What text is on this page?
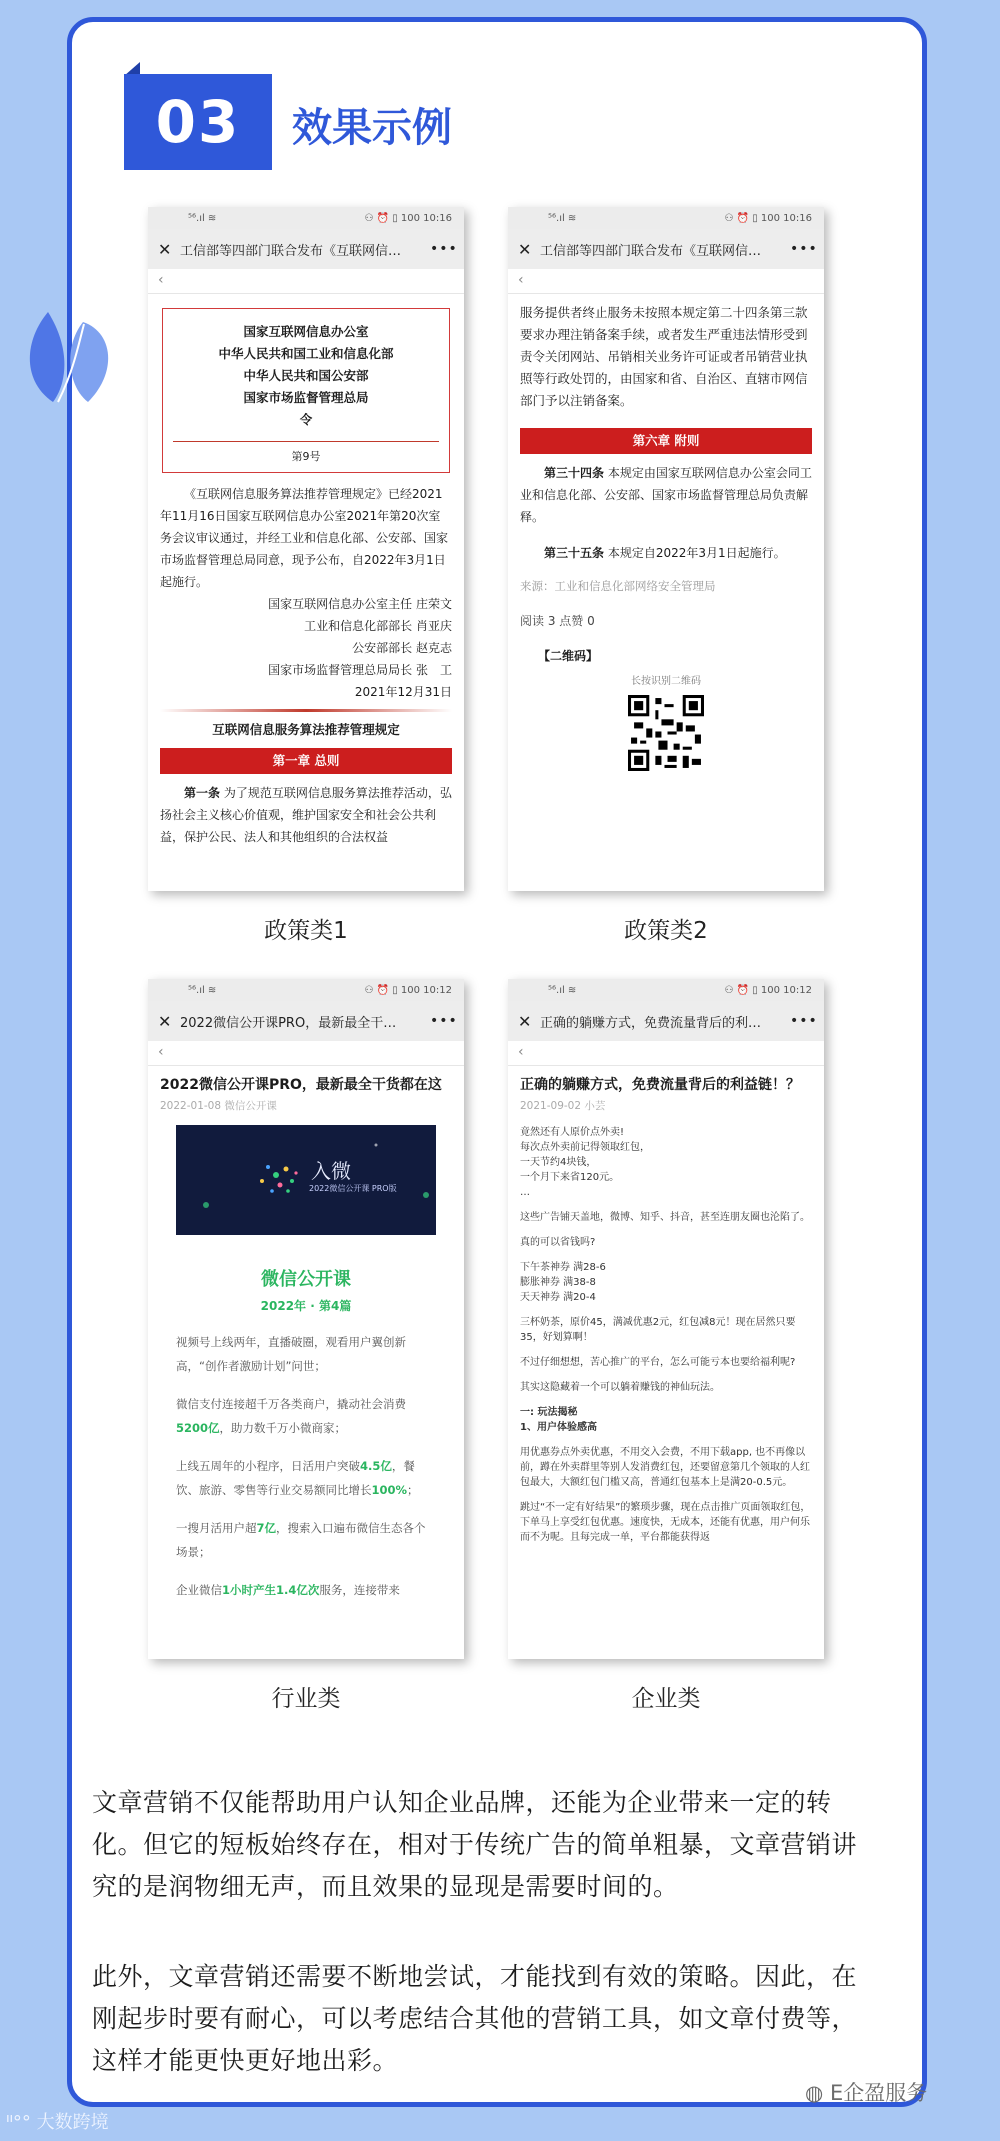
03	效果示例
⁵⁶.ıl ≋	⚇ ⏰ ▯ 100 10:16
✕ 工信部等四部门联合发布《互联网信…	•••
‹
国家互联网信息办公室
中华人民共和国工业和信息化部
中华人民共和国公安部
国家市场监督管理总局
令
第9号

《互联网信息服务算法推荐管理规定》已经2021年11月16日国家互联网信息办公室2021年第20次室务会议审议通过，并经工业和信息化部、公安部、国家市场监督管理总局同意，现予公布，自2022年3月1日起施行。

国家互联网信息办公室主任 庄荣文
工业和信息化部部长 肖亚庆
公安部部长 赵克志
国家市场监督管理总局局长 张　工
2021年12月31日
互联网信息服务算法推荐管理规定
第一章 总则

第一条 为了规范互联网信息服务算法推荐活动，弘扬社会主义核心价值观，维护国家安全和社会公共利益，保护公民、法人和其他组织的合法权益

政策类1
⁵⁶.ıl ≋	⚇ ⏰ ▯ 100 10:16
✕ 工信部等四部门联合发布《互联网信…	•••
‹

服务提供者终止服务未按照本规定第二十四条第三款要求办理注销备案手续，或者发生严重违法情形受到责令关闭网站、吊销相关业务许可证或者吊销营业执照等行政处罚的，由国家和省、自治区、直辖市网信部门予以注销备案。

第六章 附则

第三十四条 本规定由国家互联网信息办公室会同工业和信息化部、公安部、国家市场监督管理总局负责解释。

第三十五条 本规定自2022年3月1日起施行。

来源：工业和信息化部网络安全管理局
阅读 3 点赞 0
【二维码】
长按识别二维码
政策类2
⁵⁶.ıl ≋	⚇ ⏰ ▯ 100 10:12
✕ 2022微信公开课PRO，最新最全干…	•••
‹
2022微信公开课PRO，最新最全干货都在这
2022-01-08 微信公开课
入微
2022微信公开课 PRO版
微信公开课
2022年 · 第4篇

视频号上线两年，直播破圈，观看用户翼创新高，“创作者激励计划”问世；

微信支付连接超千万各类商户，撬动社会消费5200亿，助力数千万小微商家；

上线五周年的小程序，日活用户突破4.5亿，餐饮、旅游、零售等行业交易额同比增长100%；

一搜月活用户超7亿，搜索入口遍布微信生态各个场景；

企业微信1小时产生1.4亿次服务，连接带来

行业类
⁵⁶.ıl ≋	⚇ ⏰ ▯ 100 10:12
✕ 正确的躺赚方式，免费流量背后的利…	•••
‹
正确的躺赚方式，免费流量背后的利益链！？
2021-09-02 小芸

竟然还有人原价点外卖!
每次点外卖前记得领取红包，
一天节约4块钱，
一个月下来省120元。
…

这些广告铺天盖地，微博、知乎、抖音，甚至连朋友圈也沦陷了。

真的可以省钱吗?

下午茶神券 满28-6
膨胀神券 满38-8
天天神券 满20-4

三杯奶茶，原价45，满减优惠2元，红包减8元！现在居然只要35，好划算啊！

不过仔细想想，苦心推广的平台，怎么可能亏本也要给福利呢?

其实这隐藏着一个可以躺着赚钱的神仙玩法。

一: 玩法揭秘
1、用户体验感高

用优惠券点外卖优惠，不用交入会费，不用下载app, 也不再像以前，蹲在外卖群里等别人发消费红包，还要留意第几个领取的人红包最大，大额红包门槛又高，普通红包基本上是满20-0.5元。

跳过“不一定有好结果”的繁琐步骤，现在点击推广页面领取红包，下单马上享受红包优惠。速度快，无成本，还能有优惠，用户何乐而不为呢。且每完成一单，平台都能获得返

企业类

文章营销不仅能帮助用户认知企业品牌，还能为企业带来一定的转化。但它的短板始终存在，相对于传统广告的简单粗暴，文章营销讲究的是润物细无声，而且效果的显现是需要时间的。

此外，文章营销还需要不断地尝试，才能找到有效的策略。因此，在刚起步时要有耐心，可以考虑结合其他的营销工具，如文章付费等，这样才能更快更好地出彩。

ᐦ°° 大数跨境
◍ E企盈服务
